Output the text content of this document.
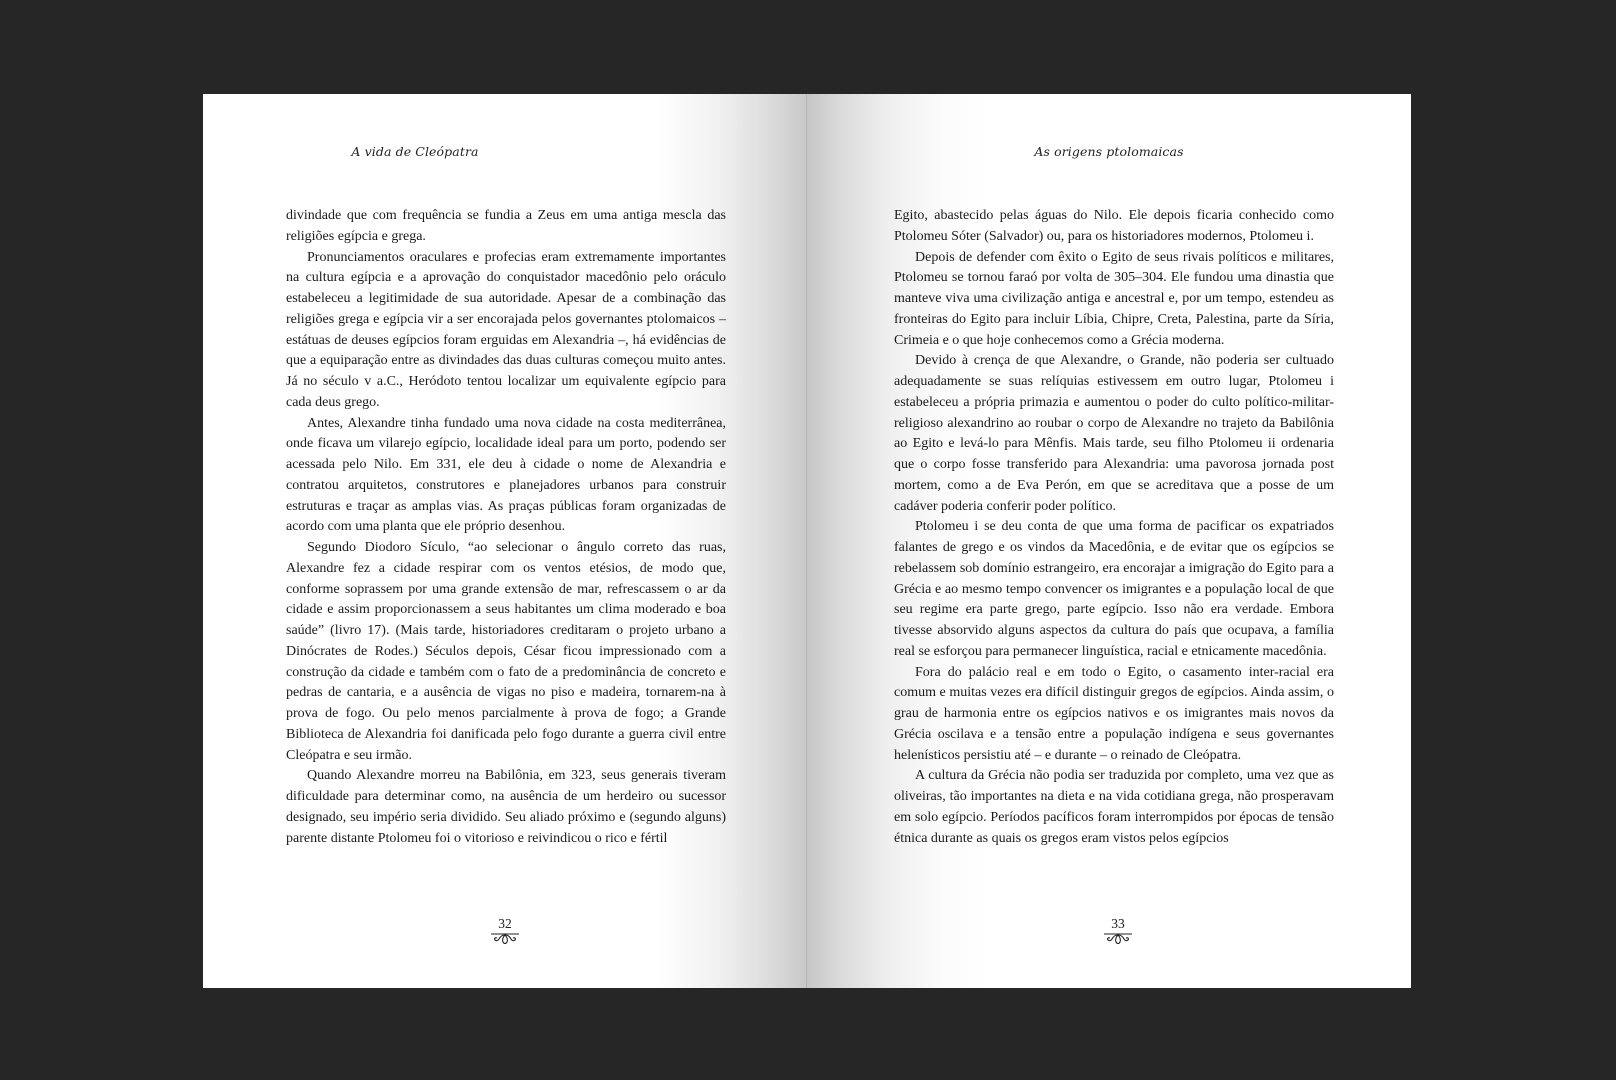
A vida de Cleópatra

divindade que com frequência se fundia a Zeus em uma antiga mescla das religiões egípcia e grega.

Pronunciamentos oraculares e profecias eram extremamente importantes na cultura egípcia e a aprovação do conquistador macedônio pelo oráculo estabeleceu a legitimidade de sua autoridade. Apesar de a combinação das religiões grega e egípcia vir a ser encorajada pelos governantes ptolomaicos – estátuas de deuses egípcios foram erguidas em Alexandria –, há evidências de que a equiparação entre as divindades das duas culturas começou muito antes. Já no século v a.C., Heródoto tentou localizar um equivalente egípcio para cada deus grego.

Antes, Alexandre tinha fundado uma nova cidade na costa mediterrânea, onde ficava um vilarejo egípcio, localidade ideal para um porto, podendo ser acessada pelo Nilo. Em 331, ele deu à cidade o nome de Alexandria e contratou arquitetos, construtores e planejadores urbanos para construir estruturas e traçar as amplas vias. As praças públicas foram organizadas de acordo com uma planta que ele próprio desenhou.

Segundo Diodoro Sículo, “ao selecionar o ângulo correto das ruas, Alexandre fez a cidade respirar com os ventos etésios, de modo que, conforme soprassem por uma grande extensão de mar, refrescassem o ar da cidade e assim proporcionassem a seus habitantes um clima moderado e boa saúde” (livro 17). (Mais tarde, historiadores creditaram o projeto urbano a Dinócrates de Rodes.) Séculos depois, César ficou impressionado com a construção da cidade e também com o fato de a predominância de concreto e pedras de cantaria, e a ausência de vigas no piso e madeira, tornarem-na à prova de fogo. Ou pelo menos parcialmente à prova de fogo; a Grande Biblioteca de Alexandria foi danificada pelo fogo durante a guerra civil entre Cleópatra e seu irmão.

Quando Alexandre morreu na Babilônia, em 323, seus generais tiveram dificuldade para determinar como, na ausência de um herdeiro ou sucessor designado, seu império seria dividido. Seu aliado próximo e (segundo alguns) parente distante Ptolomeu foi o vitorioso e reivindicou o rico e fértil

32
As origens ptolomaicas

Egito, abastecido pelas águas do Nilo. Ele depois ficaria conhecido como Ptolomeu Sóter (Salvador) ou, para os historiadores modernos, Ptolomeu i.

Depois de defender com êxito o Egito de seus rivais políticos e militares, Ptolomeu se tornou faraó por volta de 305–304. Ele fundou uma dinastia que manteve viva uma civilização antiga e ancestral e, por um tempo, estendeu as fronteiras do Egito para incluir Líbia, Chipre, Creta, Palestina, parte da Síria, Crimeia e o que hoje conhecemos como a Grécia moderna.

Devido à crença de que Alexandre, o Grande, não poderia ser cultuado adequadamente se suas relíquias estivessem em outro lugar, Ptolomeu i estabeleceu a própria primazia e aumentou o poder do culto político-militar-religioso alexandrino ao roubar o corpo de Alexandre no trajeto da Babilônia ao Egito e levá-lo para Mênfis. Mais tarde, seu filho Ptolomeu ii ordenaria que o corpo fosse transferido para Alexandria: uma pavorosa jornada post mortem, como a de Eva Perón, em que se acreditava que a posse de um cadáver poderia conferir poder político.

Ptolomeu i se deu conta de que uma forma de pacificar os expatriados falantes de grego e os vindos da Macedônia, e de evitar que os egípcios se rebelassem sob domínio estrangeiro, era encorajar a imigração do Egito para a Grécia e ao mesmo tempo convencer os imigrantes e a população local de que seu regime era parte grego, parte egípcio. Isso não era verdade. Embora tivesse absorvido alguns aspectos da cultura do país que ocupava, a família real se esforçou para permanecer linguística, racial e etnicamente macedônia.

Fora do palácio real e em todo o Egito, o casamento inter-racial era comum e muitas vezes era difícil distinguir gregos de egípcios. Ainda assim, o grau de harmonia entre os egípcios nativos e os imigrantes mais novos da Grécia oscilava e a tensão entre a população indígena e seus governantes helenísticos persistiu até – e durante – o reinado de Cleópatra.

A cultura da Grécia não podia ser traduzida por completo, uma vez que as oliveiras, tão importantes na dieta e na vida cotidiana grega, não prosperavam em solo egípcio. Períodos pacíficos foram interrompidos por épocas de tensão étnica durante as quais os gregos eram vistos pelos egípcios

33
